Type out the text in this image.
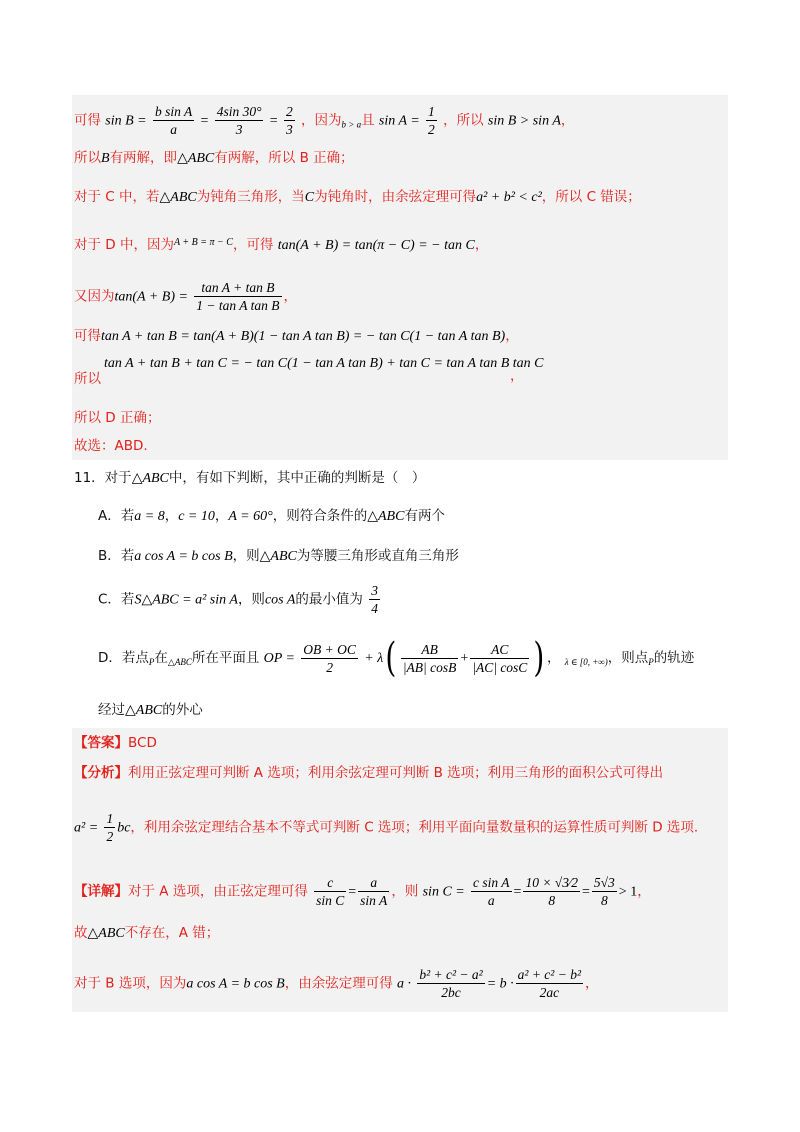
可得 $\sin B = \frac{\text{b sin A}}{a} = \frac{4\sin 30^\circ}{3} = \frac{2}{3}$ ，因为$_{b > a}$且 $\sin A = \frac{1}{2}$ ，所以 sin B > sin A，
所以B有两解，即△ABC有两解，所以 B 正确；
对于 C 中，若△ABC为钝角三角形，当C为钝角时，由余弦定理可得a² + b² < c²，所以 C 错误；
对于 D 中，因为$^{A + B = \pi - C}$，可得 tan(A + B) = tan(π − C) = − tan C，
又因为$\tan(A + B) = \frac{\text{tan A + tan B}}{\text{1 − tan A tan B}}$ ，
可得tan A + tan B = tan(A + B)(1 − tan A tan B) = − tan C(1 − tan A tan B)，
tan A + tan B + tan C = − tan C(1 − tan A tan B) + tan C = tan A tan B tan C
所以	，
所以 D 正确；
故选：ABD.
11．对于△ABC中，有如下判断，其中正确的判断是（　）
A．若a = 8，c = 10，A = 60°，则符合条件的△ABC有两个
B．若a cos A = b cos B，则△ABC为等腰三角形或直角三角形
C．若S△ABC = a² sin A，则cos A的最小值为 $\frac{3}{4}$
D．若点$_P$在$_{\triangle ABC}$所在平面且 OP = $\frac{OB + OC}{2} + \lambda( \frac{AB}{|AB| \cos B} + \frac{AC}{|AC| \cos C}$ ) ， $_{\lambda \in [0, +\infty)}$，则点$_P$的轨迹
经过△ABC的外心
【答案】BCD
【分析】利用正弦定理可判断 A 选项；利用余弦定理可判断 B 选项；利用三角形的面积公式可得出
$a^2 = \frac{1}{2}$ bc，利用余弦定理结合基本不等式可判断 C 选项；利用平面向量数量积的运算性质可判断 D 选项.
【详解】对于 A 选项，由正弦定理可得 $\frac{c}{\text{sin C}} = \frac{a}{\text{sin A}}$ ，则 $\sin C = \frac{\text{c sin A}}{a} = \frac{10 \times √3⁄2}{8} = \frac{5√3}{8} > 1$，
故△ABC不存在，A 错；
对于 B 选项，因为a cos A = b cos B，由余弦定理可得 $a \cdot \frac{\text{b² + c² − a²}}{2bc} = b \cdot \frac{\text{a² + c² − b²}}{2ac}$ ，
